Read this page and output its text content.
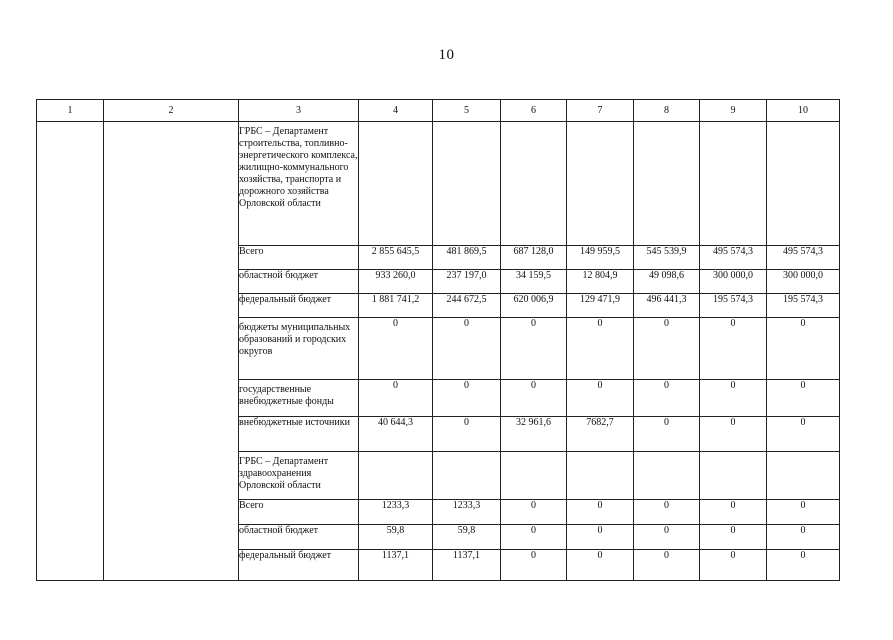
10
1	2	3	4	5	6	7	8	9	10
		ГРБС – Департамент строительства, топливно-энергетического комплекса, жилищно-коммунального хозяйства, транспорта и дорожного хозяйства Орловской области							
		Всего	2 855 645,5	481 869,5	687 128,0	149 959,5	545 539,9	495 574,3	495 574,3
		областной бюджет	933 260,0	237 197,0	34 159,5	12 804,9	49 098,6	300 000,0	300 000,0
		федеральный бюджет	1 881 741,2	244 672,5	620 006,9	129 471,9	496 441,3	195 574,3	195 574,3
		бюджеты муниципальных образований и городских округов	0	0	0	0	0	0	0
		государственные внебюджетные фонды	0	0	0	0	0	0	0
		внебюджетные источники	40 644,3	0	32 961,6	7682,7	0	0	0
		ГРБС – Департамент здравоохранения Орловской области							
		Всего	1233,3	1233,3	0	0	0	0	0
		областной бюджет	59,8	59,8	0	0	0	0	0
		федеральный бюджет	1137,1	1137,1	0	0	0	0	0
